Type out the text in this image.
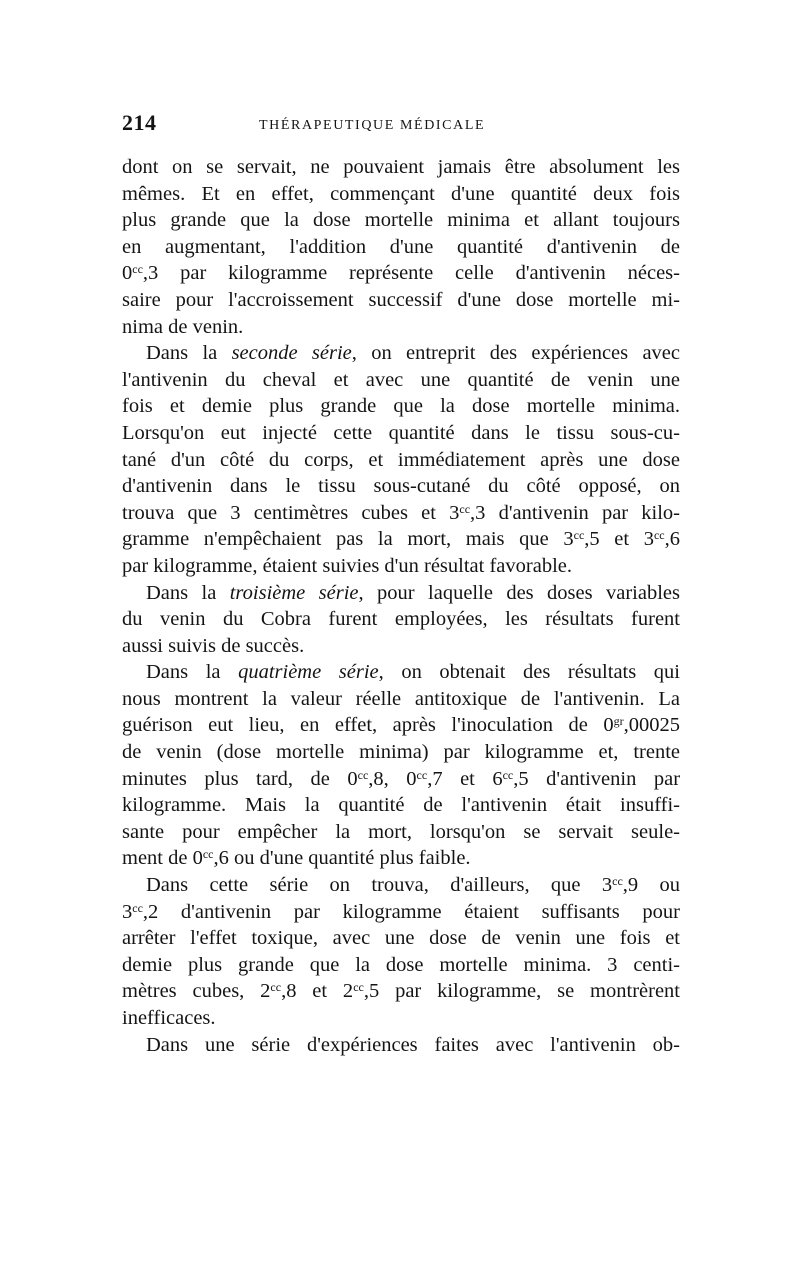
214	THÉRAPEUTIQUE MÉDICALE
dont on se servait, ne pouvaient jamais être absolument les
mêmes. Et en effet, commençant d'une quantité deux fois
plus grande que la dose mortelle minima et allant toujours
en augmentant, l'addition d'une quantité d'antivenin de
$0^{cc},3$ par kilogramme représente celle d'antivenin néces-
saire pour l'accroissement successif d'une dose mortelle mi-
nima de venin.
Dans la seconde série, on entreprit des expériences avec
l'antivenin du cheval et avec une quantité de venin une
fois et demie plus grande que la dose mortelle minima.
Lorsqu'on eut injecté cette quantité dans le tissu sous-cu-
tané d'un côté du corps, et immédiatement après une dose
d'antivenin dans le tissu sous-cutané du côté opposé, on
trouva que 3 centimètres cubes et $3^{cc},3$ d'antivenin par kilo-
gramme n'empêchaient pas la mort, mais que $3^{cc},5$ et $3^{cc},6$
par kilogramme, étaient suivies d'un résultat favorable.
Dans la troisième série, pour laquelle des doses variables
du venin du Cobra furent employées, les résultats furent
aussi suivis de succès.
Dans la quatrième série, on obtenait des résultats qui
nous montrent la valeur réelle antitoxique de l'antivenin. La
guérison eut lieu, en effet, après l'inoculation de $0^{gr},00025$
de venin (dose mortelle minima) par kilogramme et, trente
minutes plus tard, de $0^{cc},8$, $0^{cc},7$ et $6^{cc},5$ d'antivenin par
kilogramme. Mais la quantité de l'antivenin était insuffi-
sante pour empêcher la mort, lorsqu'on se servait seule-
ment de $0^{cc},6$ ou d'une quantité plus faible.
Dans cette série on trouva, d'ailleurs, que $3^{cc},9$ ou
$3^{cc},2$ d'antivenin par kilogramme étaient suffisants pour
arrêter l'effet toxique, avec une dose de venin une fois et
demie plus grande que la dose mortelle minima. 3 centi-
mètres cubes, $2^{cc},8$ et $2^{cc},5$ par kilogramme, se montrèrent
inefficaces.
Dans une série d'expériences faites avec l'antivenin ob-
